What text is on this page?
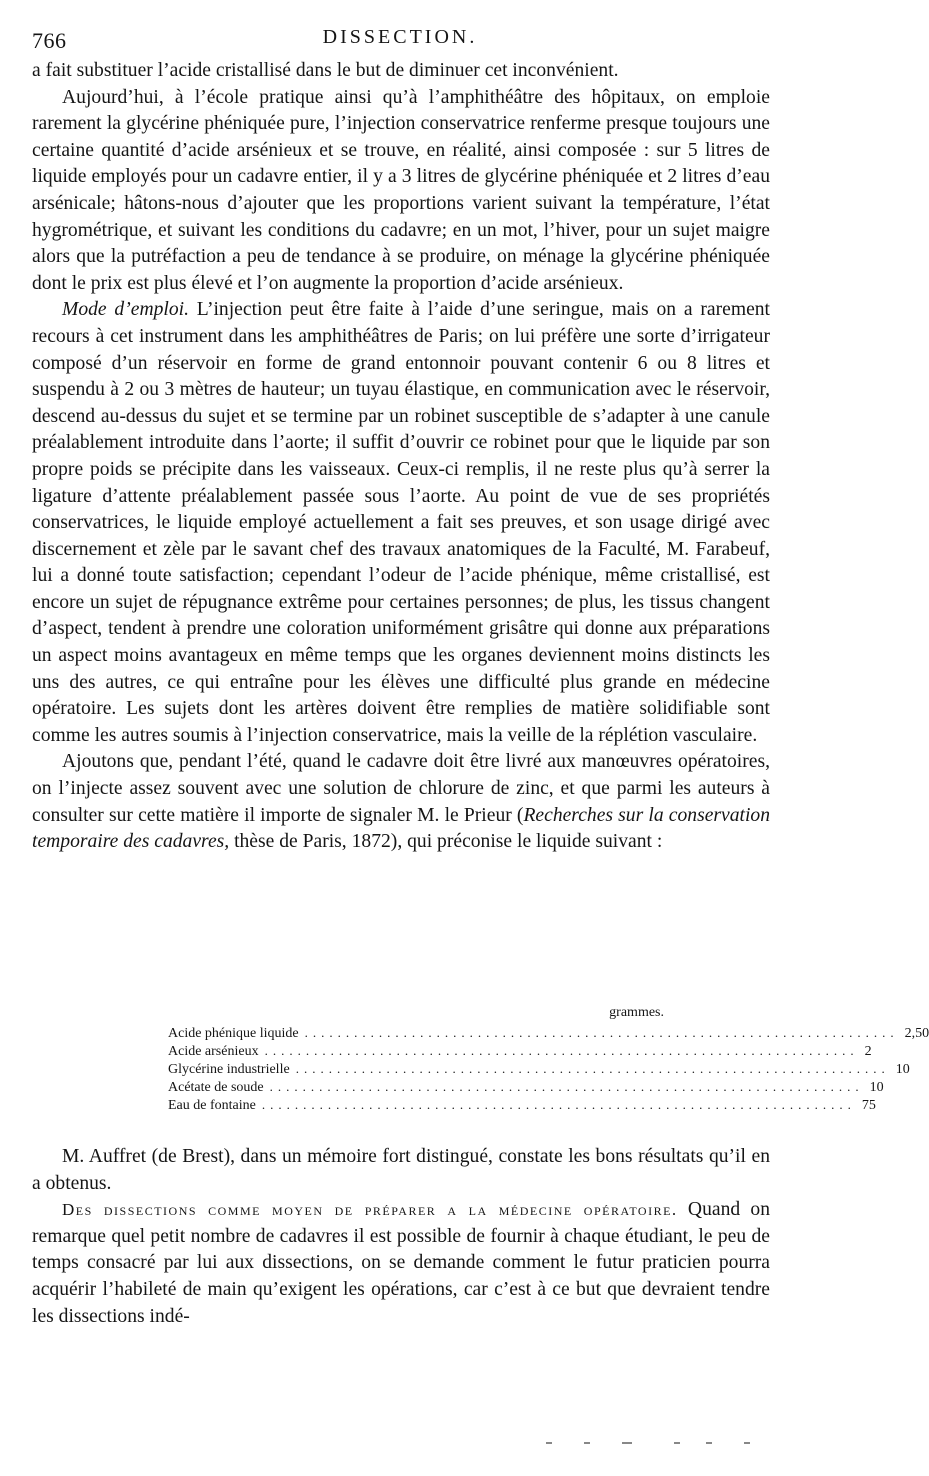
766	DISSECTION.

a fait substituer l’acide cristallisé dans le but de diminuer cet inconvénient.

Aujourd’hui, à l’école pratique ainsi qu’à l’amphithéâtre des hôpitaux, on emploie rarement la glycérine phéniquée pure, l’injection conservatrice renferme presque toujours une certaine quantité d’acide arsénieux et se trouve, en réalité, ainsi composée : sur 5 litres de liquide employés pour un cadavre entier, il y a 3 litres de glycérine phéniquée et 2 litres d’eau arsénicale; hâtons-nous d’ajouter que les proportions varient suivant la température, l’état hygrométrique, et suivant les conditions du cadavre; en un mot, l’hiver, pour un sujet maigre alors que la putréfaction a peu de tendance à se produire, on ménage la glycérine phéniquée dont le prix est plus élevé et l’on augmente la proportion d’acide arsénieux.

Mode d’emploi. L’injection peut être faite à l’aide d’une seringue, mais on a rarement recours à cet instrument dans les amphithéâtres de Paris; on lui préfère une sorte d’irrigateur composé d’un réservoir en forme de grand entonnoir pouvant contenir 6 ou 8 litres et suspendu à 2 ou 3 mètres de hauteur; un tuyau élastique, en communication avec le réservoir, descend au-dessus du sujet et se termine par un robinet susceptible de s’adapter à une canule préalablement introduite dans l’aorte; il suffit d’ouvrir ce robinet pour que le liquide par son propre poids se précipite dans les vaisseaux. Ceux-ci remplis, il ne reste plus qu’à serrer la ligature d’attente préalablement passée sous l’aorte. Au point de vue de ses propriétés conservatrices, le liquide employé actuellement a fait ses preuves, et son usage dirigé avec discernement et zèle par le savant chef des travaux anatomiques de la Faculté, M. Farabeuf, lui a donné toute satisfaction; cependant l’odeur de l’acide phénique, même cristallisé, est encore un sujet de répugnance extrême pour certaines personnes; de plus, les tissus changent d’aspect, tendent à prendre une coloration uniformément grisâtre qui donne aux préparations un aspect moins avantageux en même temps que les organes deviennent moins distincts les uns des autres, ce qui entraîne pour les élèves une difficulté plus grande en médecine opératoire. Les sujets dont les artères doivent être remplies de matière solidifiable sont comme les autres soumis à l’injection conservatrice, mais la veille de la réplétion vasculaire.

Ajoutons que, pendant l’été, quand le cadavre doit être livré aux manœuvres opératoires, on l’injecte assez souvent avec une solution de chlorure de zinc, et que parmi les auteurs à consulter sur cette matière il importe de signaler M. le Prieur (Recherches sur la conservation temporaire des cadavres, thèse de Paris, 1872), qui préconise le liquide suivant :

grammes.
Acide phénique liquide ........................................................................ 2,50
Acide arsénieux ........................................................................ 2
Glycérine industrielle ........................................................................ 10
Acétate de soude ........................................................................ 10
Eau de fontaine ........................................................................ 75

M. Auffret (de Brest), dans un mémoire fort distingué, constate les bons résultats qu’il en a obtenus.

Des dissections comme moyen de préparer a la médecine opératoire. Quand on remarque quel petit nombre de cadavres il est possible de fournir à chaque étudiant, le peu de temps consacré par lui aux dissections, on se demande comment le futur praticien pourra acquérir l’habileté de main qu’exigent les opérations, car c’est à ce but que devraient tendre les dissections indé-
